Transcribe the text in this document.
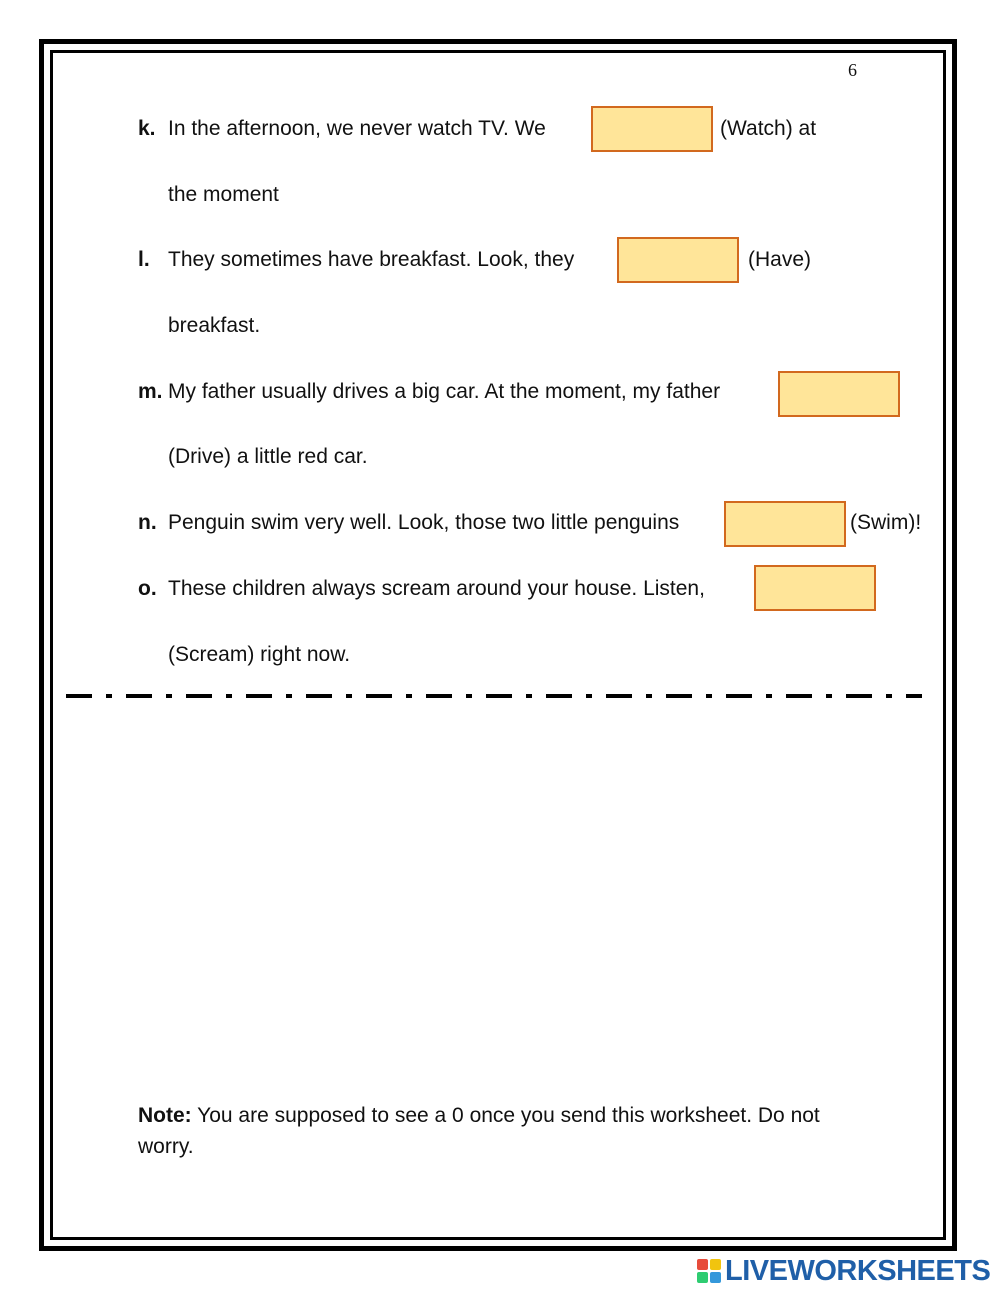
6
k. In the afternoon, we never watch TV. We	(Watch) at
the moment
l. They sometimes have breakfast. Look, they	(Have)
breakfast.
m. My father usually drives a big car. At the moment, my father
(Drive) a little red car.
n. Penguin swim very well. Look, those two little penguins	(Swim)!
o. These children always scream around your house. Listen,
(Scream) right now.
Note: You are supposed to see a 0 once you send this worksheet. Do not worry.
LIVEWORKSHEETS
